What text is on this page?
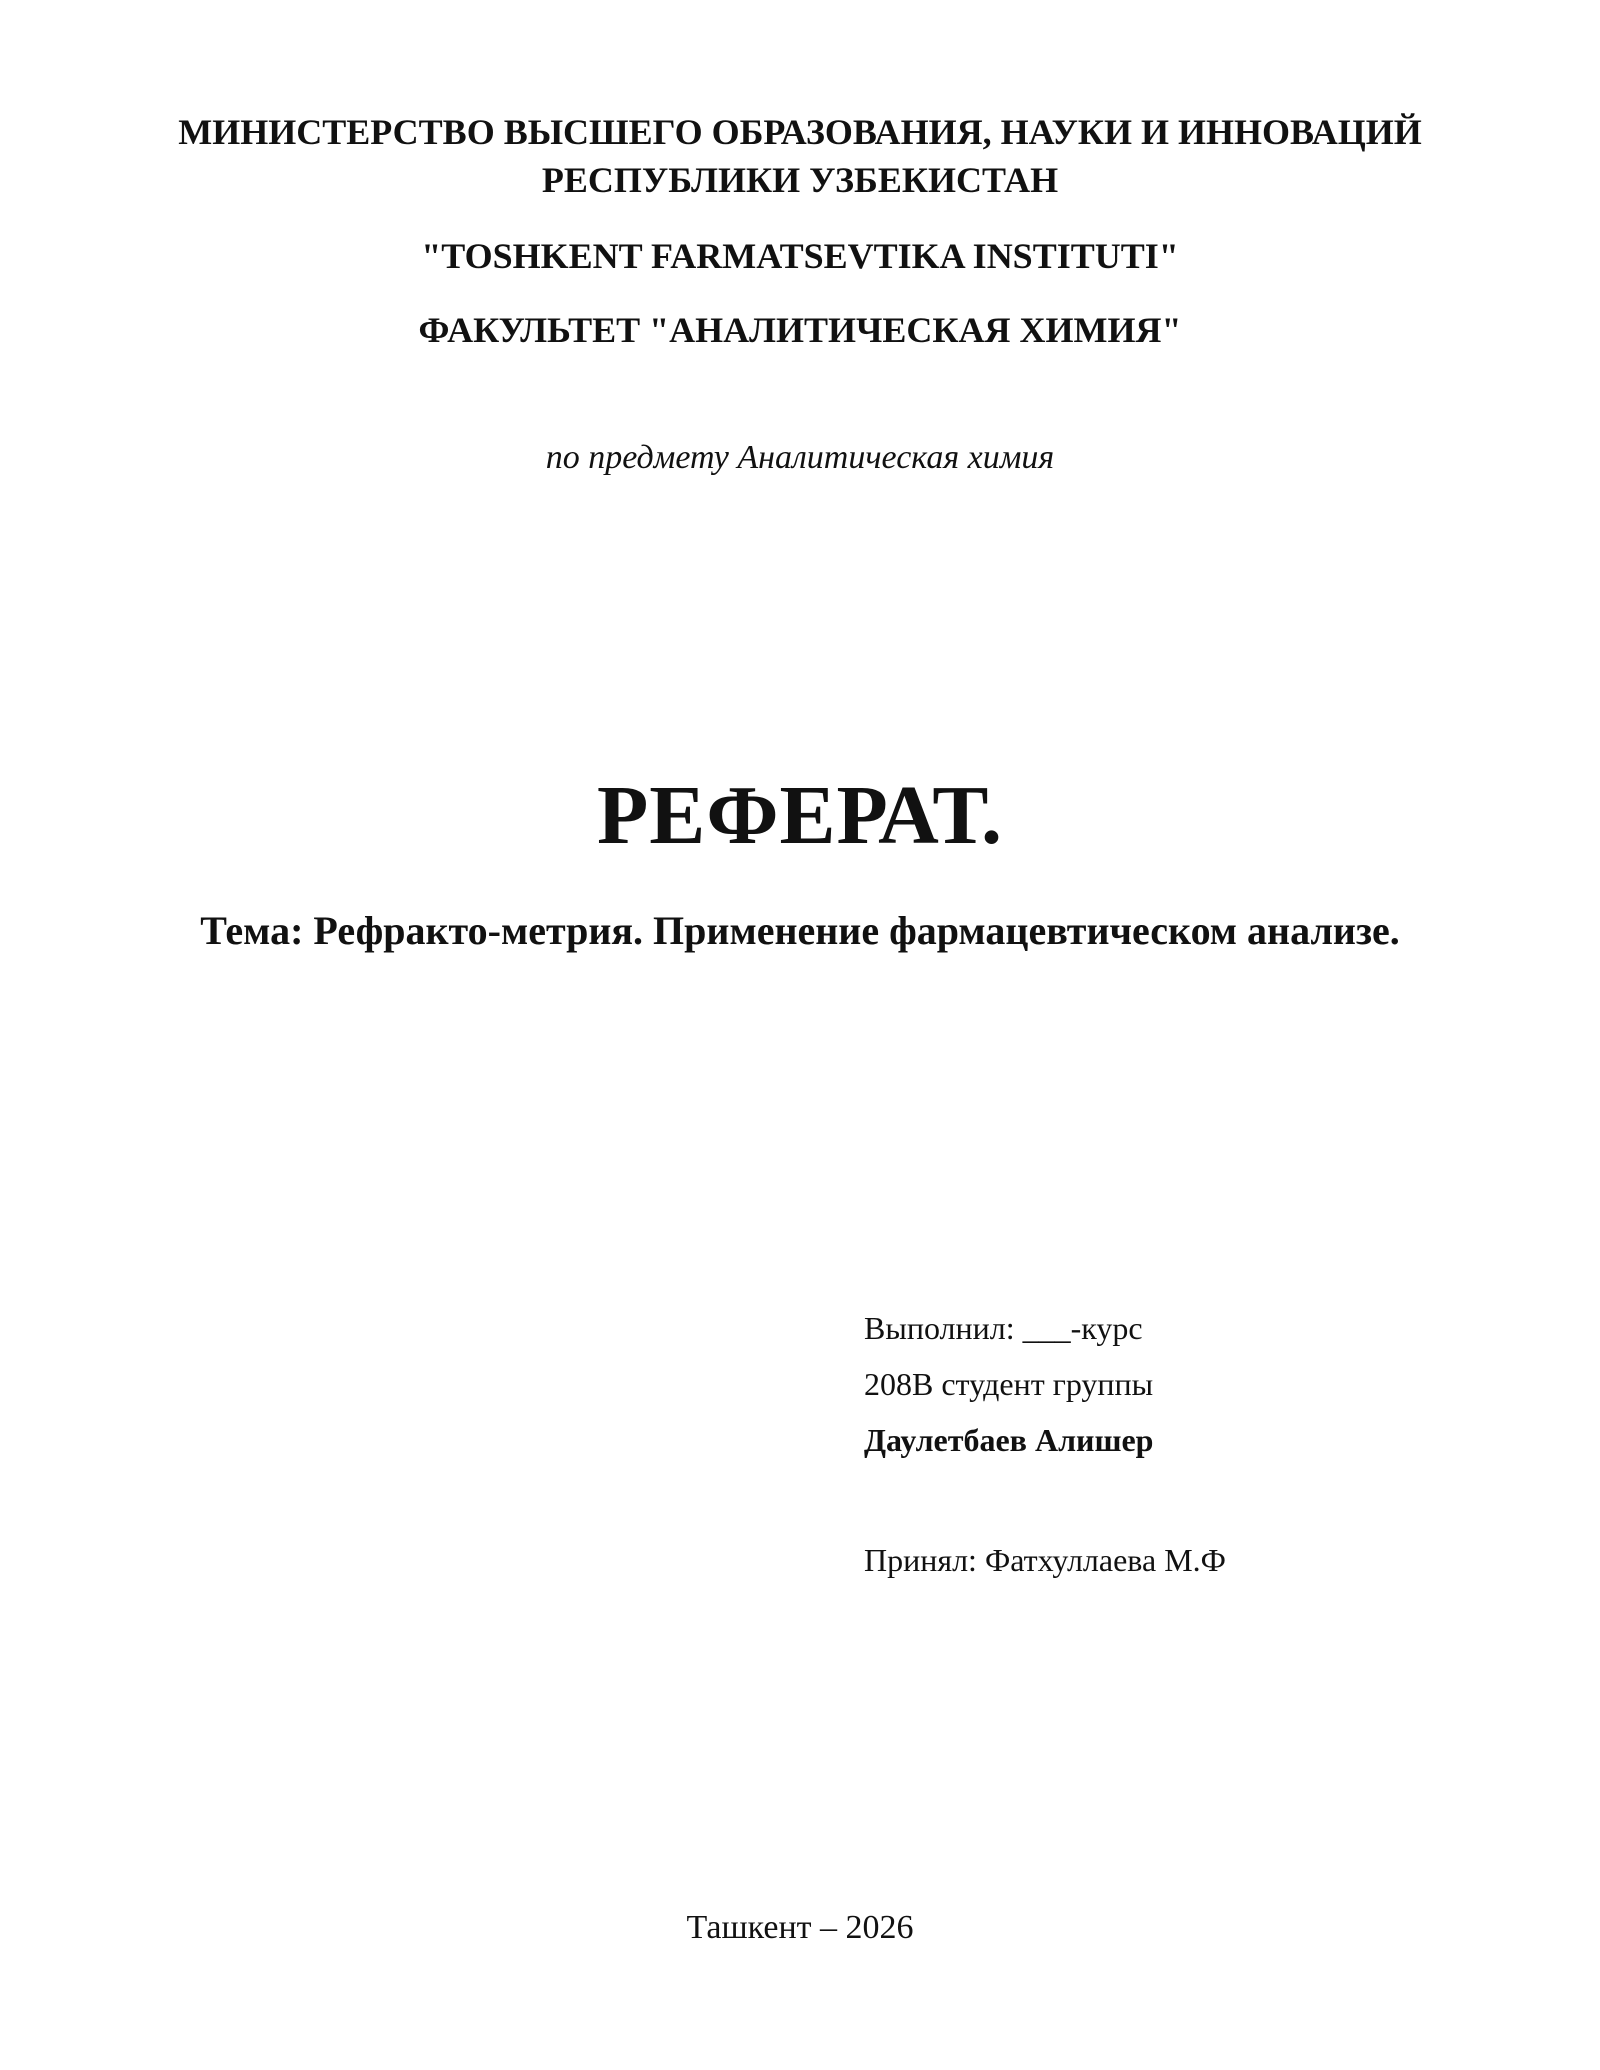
МИНИСТЕРСТВО ВЫСШЕГО ОБРАЗОВАНИЯ, НАУКИ И ИННОВАЦИЙ
РЕСПУБЛИКИ УЗБЕКИСТАН
"TOSHKENT FARMATSEVTIKA INSTITUTI"
ФАКУЛЬТЕТ "АНАЛИТИЧЕСКАЯ ХИМИЯ"
по предмету Аналитическая химия
РЕФЕРАТ.
Тема: Рефракто-метрия. Применение фармацевтическом анализе.
Выполнил: ___-курс
208B студент группы
Даулетбаев Алишер
Принял: Фатхуллаева М.Ф
Ташкент – 2026
